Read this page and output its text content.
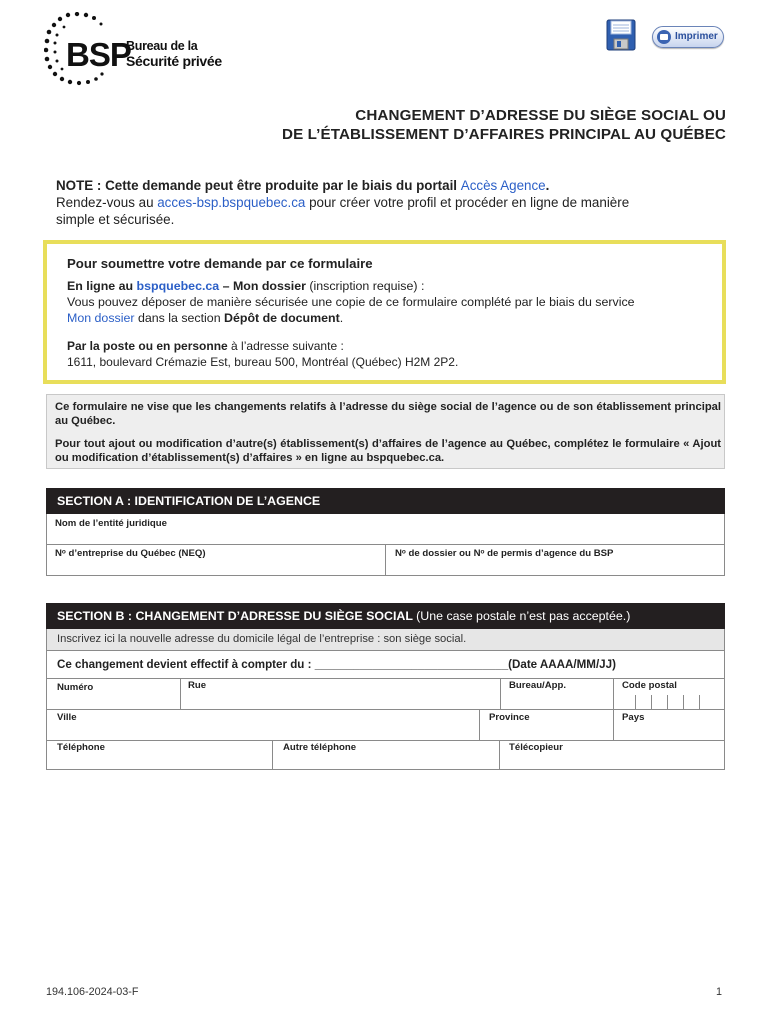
BSP
Bureau de la
Sécurité privée
Imprimer
CHANGEMENT D’ADRESSE DU SIÈGE SOCIAL OU
DE L’ÉTABLISSEMENT D’AFFAIRES PRINCIPAL AU QUÉBEC
NOTE : Cette demande peut être produite par le biais du portail Accès Agence.
Rendez-vous au acces-bsp.bspquebec.ca pour créer votre profil et procéder en ligne de manière
simple et sécurisée.
Pour soumettre votre demande par ce formulaire
En ligne au bspquebec.ca – Mon dossier (inscription requise) :
Vous pouvez déposer de manière sécurisée une copie de ce formulaire complété par le biais du service
Mon dossier dans la section Dépôt de document.
Par la poste ou en personne à l’adresse suivante :
1611, boulevard Crémazie Est, bureau 500, Montréal (Québec) H2M 2P2.
Ce formulaire ne vise que les changements relatifs à l’adresse du siège social de l’agence ou de son établissement principal au Québec.
Pour tout ajout ou modification d’autre(s) établissement(s) d’affaires de l’agence au Québec, complétez le formulaire « Ajout ou modification d’établissement(s) d’affaires » en ligne au bspquebec.ca.
SECTION A : IDENTIFICATION DE L’AGENCE
Nom de l’entité juridique
Nᵒ d’entreprise du Québec (NEQ)	Nᵒ de dossier ou Nᵒ de permis d’agence du BSP
SECTION B : CHANGEMENT D’ADRESSE DU SIÈGE SOCIAL (Une case postale n’est pas acceptée.)
Inscrivez ici la nouvelle adresse du domicile légal de l’entreprise : son siège social.
Numéro	Rue	Bureau/App.	Code postal
Ville	Province	Pays
Téléphone	Autre téléphone	Télécopieur
Ce changement devient effectif à compter du : ______________________________(Date AAAA/MM/JJ)
194.106-2024-03-F	1
